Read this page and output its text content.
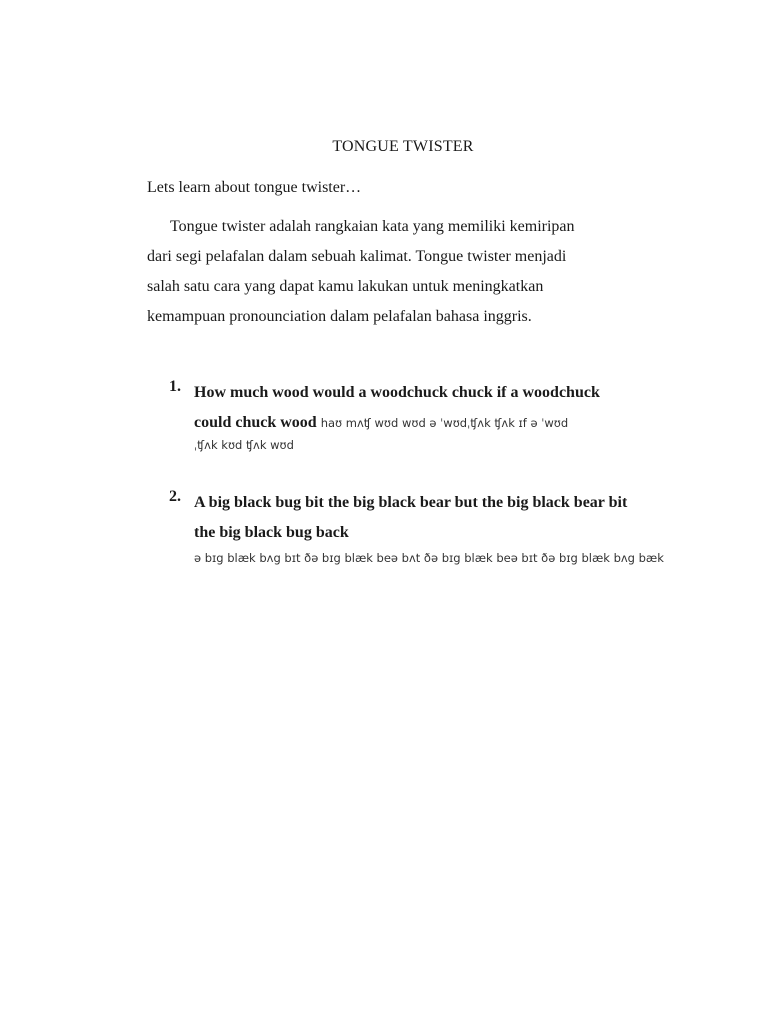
TONGUE TWISTER
Lets learn about tongue twister…
Tongue twister adalah rangkaian kata yang memiliki kemiripan
dari segi pelafalan dalam sebuah kalimat. Tongue twister menjadi
salah satu cara yang dapat kamu lakukan untuk meningkatkan
kemampuan pronounciation dalam pelafalan bahasa inggris.
1. How much wood would a woodchuck chuck if a woodchuck
could chuck wood haʊ mʌʧ wʊd wʊd ə ˈwʊdˌʧʌk ʧʌk ɪf ə ˈwʊd
ˌʧʌk kʊd ʧʌk wʊd
2. A big black bug bit the big black bear but the big black bear bit
the big black bug back
ə bɪg blæk bʌg bɪt ðə bɪg blæk beə bʌt ðə bɪg blæk beə bɪt ðə bɪg blæk bʌg bæk
